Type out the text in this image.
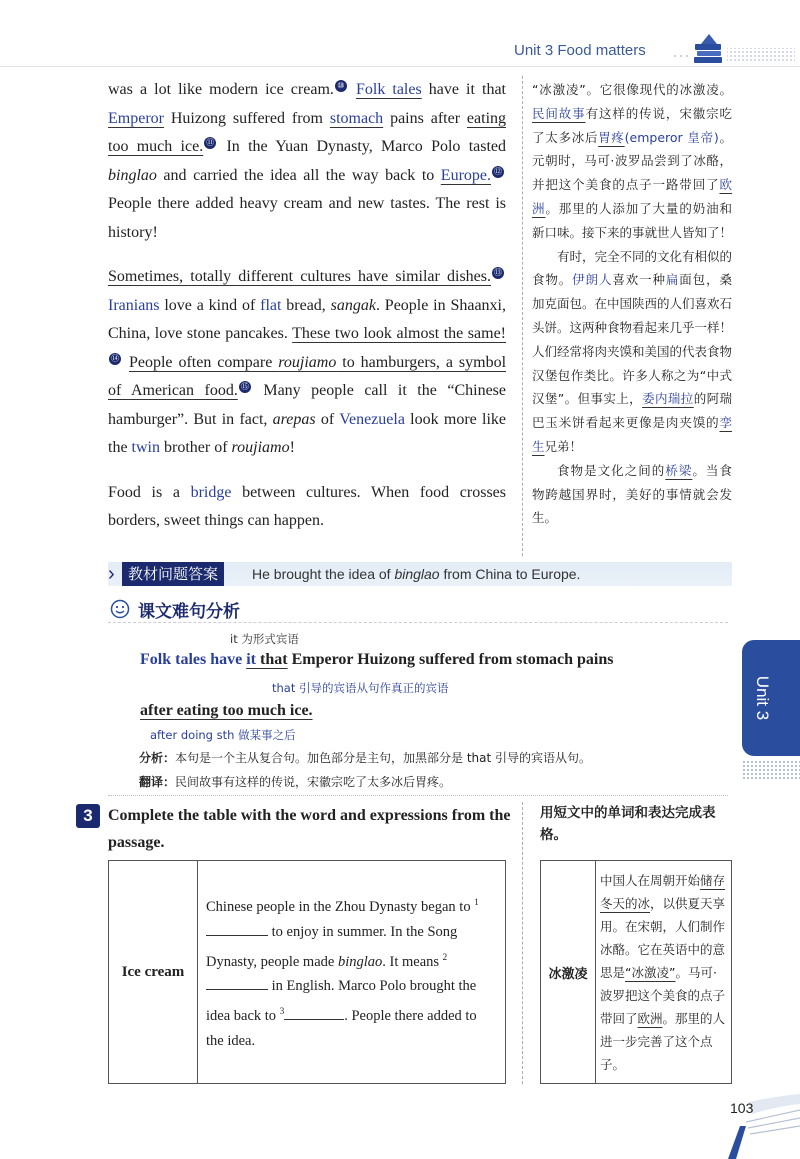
Unit 3 Food matters

was a lot like modern ice cream. ⑩ Folk tales have it that Emperor Huizong suffered from stomach pains after eating too much ice. ⑪ In the Yuan Dynasty, Marco Polo tasted binglao and carried the idea all the way back to Europe. ⑫ People there added heavy cream and new tastes. The rest is history!

Sometimes, totally different cultures have similar dishes. ⑬ Iranians love a kind of flat bread, sangak. People in Shaanxi, China, love stone pancakes. These two look almost the same!⑭ People often compare roujiamo to hamburgers, a symbol of American food. ⑮ Many people call it the “Chinese hamburger”. But in fact, arepas of Venezuela look more like the twin brother of roujiamo!

Food is a bridge between cultures. When food crosses borders, sweet things can happen.

“冰激凌”。它很像现代的冰激凌。民间故事有这样的传说，宋徽宗吃了太多冰后胃疼(emperor 皇帝)。元朝时，马可·波罗品尝到了冰酪，并把这个美食的点子一路带回了欧洲。那里的人添加了大量的奶油和新口味。接下来的事就世人皆知了！

有时，完全不同的文化有相似的食物。伊朗人喜欢一种扁面包，桑加克面包。在中国陕西的人们喜欢石头饼。这两种食物看起来几乎一样！人们经常将肉夹馍和美国的代表食物汉堡包作类比。许多人称之为“中式汉堡”。但事实上，委内瑞拉的阿瑞巴玉米饼看起来更像是肉夹馍的孪生兄弟！

食物是文化之间的桥梁。当食物跨越国界时，美好的事情就会发生。

› 教材问题答案	He brought the idea of binglao from China to Europe.
课文难句分析
it 为形式宾语
Folk tales have it that Emperor Huizong suffered from stomach pains
that 引导的宾语从句作真正的宾语
after eating too much ice.
after doing sth 做某事之后
分析：本句是一个主从复合句。加色部分是主句，加黑部分是 that 引导的宾语从句。
翻译：民间故事有这样的传说，宋徽宗吃了太多冰后胃疼。
3 Complete the table with the word and expressions from the passage.
用短文中的单词和表达完成表格。
Ice cream	Chinese people in the Zhou Dynasty began to $^1$ to enjoy in summer. In the Song Dynasty, people made binglao. It means $^2$ in English. Marco Polo brought the idea back to $^3$	. People there added to the idea.
冰激凌	中国人在周朝开始储存冬天的冰，以供夏天享用。在宋朝，人们制作冰酪。它在英语中的意思是“冰激凌”。马可·波罗把这个美食的点子带回了欧洲。那里的人进一步完善了这个点子。
Unit 3
103
